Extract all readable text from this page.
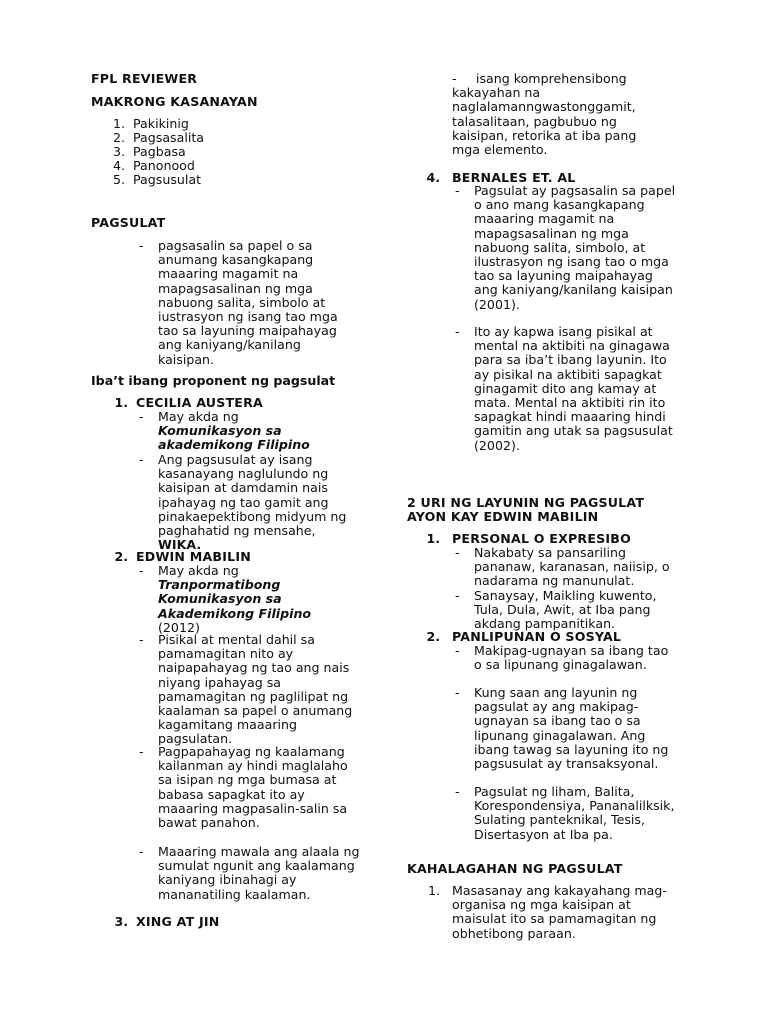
FPL REVIEWER
MAKRONG KASANAYAN
1.  Pakikinig
2.  Pagsasalita
3.  Pagbasa
4.  Panonood
5.  Pagsusulat
PAGSULAT
- pagsasalin sa papel o sa anumang kasangkapang maaaring magamit na mapagsasalinan ng mga nabuong salita, simbolo at iustrasyon ng isang tao mga tao sa layuning maipahayag ang kaniyang/kanilang kaisipan.
Iba’t ibang proponent ng pagsulat
1. CECILIA AUSTERA
- May akda ng
Komunikasyon sa akademikong Filipino
- Ang pagsusulat ay isang kasanayang naglulundo ng kaisipan at damdamin nais ipahayag ng tao gamit ang pinakaepektibong midyum ng paghahatid ng mensahe, WIKA.
2. EDWIN MABILIN
- May akda ng
Tranpormatibong Komunikasyon sa Akademikong Filipino
(2012)
- Pisikal at mental dahil sa pamamagitan nito ay naipapahayag ng tao ang nais niyang ipahayag sa pamamagitan ng paglilipat ng kaalaman sa papel o anumang kagamitang maaaring pagsulatan.
- Pagpapahayag ng kaalamang kailanman ay hindi maglalaho sa isipan ng mga bumasa at babasa sapagkat ito ay maaaring magpasalin-salin sa bawat panahon.
- Maaaring mawala ang alaala ng sumulat ngunit ang kaalamang kaniyang ibinahagi ay mananatiling kaalaman.
3. XING AT JIN
-	isang komprehensibong kakayahan na naglalamanngwastonggamit, talasalitaan, pagbubuo ng kaisipan, retorika at iba pang mga elemento.
4. BERNALES ET. AL
- Pagsulat ay pagsasalin sa papel o ano mang kasangkapang maaaring magamit na mapagsasalinan ng mga nabuong salita, simbolo, at ilustrasyon ng isang tao o mga tao sa layuning maipahayag ang kaniyang/kanilang kaisipan (2001).
- Ito ay kapwa isang pisikal at mental na aktibiti na ginagawa para sa iba’t ibang layunin. Ito ay pisikal na aktibiti sapagkat ginagamit dito ang kamay at mata. Mental na aktibiti rin ito sapagkat hindi maaaring hindi gamitin ang utak sa pagsusulat (2002).
2 URI NG LAYUNIN NG PAGSULAT
AYON KAY EDWIN MABILIN
1. PERSONAL O EXPRESIBO
- Nakabaty sa pansariling pananaw, karanasan, naiisip, o nadarama ng manunulat.
- Sanaysay, Maikling kuwento, Tula, Dula, Awit, at Iba pang akdang pampanitikan.
2. PANLIPUNAN O SOSYAL
- Makipag-ugnayan sa ibang tao o sa lipunang ginagalawan.
- Kung saan ang layunin ng pagsulat ay ang makipag-ugnayan sa ibang tao o sa lipunang ginagalawan. Ang ibang tawag sa layuning ito ng pagsusulat ay transaksyonal.
- Pagsulat ng liham, Balita, Korespondensiya, Pananalilksik, Sulating panteknikal, Tesis, Disertasyon at Iba pa.
KAHALAGAHAN NG PAGSULAT
1. Masasanay ang kakayahang mag-organisa ng mga kaisipan at maisulat ito sa pamamagitan ng obhetibong paraan.
